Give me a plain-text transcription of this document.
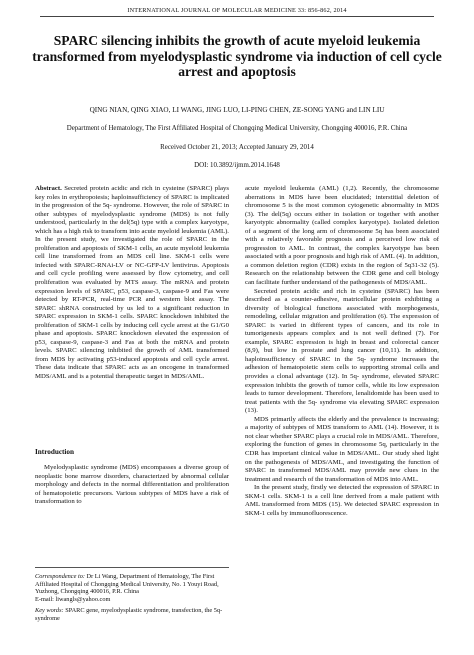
INTERNATIONAL JOURNAL OF MOLECULAR MEDICINE 33: 856-862, 2014
SPARC silencing inhibits the growth of acute myeloid leukemia transformed from myelodysplastic syndrome via induction of cell cycle arrest and apoptosis
QING NIAN, QING XIAO, LI WANG, JING LUO, LI-PING CHEN, ZE-SONG YANG and LIN LIU
Department of Hematology, The First Affiliated Hospital of Chongqing Medical University, Chongqing 400016, P.R. China
Received October 21, 2013; Accepted January 29, 2014
DOI: 10.3892/ijmm.2014.1648

Abstract. Secreted protein acidic and rich in cysteine (SPARC) plays key roles in erythropoiesis; haploinsufficiency of SPARC is implicated in the progression of the 5q- syndrome. However, the role of SPARC in other subtypes of myelodysplastic syndrome (MDS) is not fully understood, particularly in the del(5q) type with a complex karyotype, which has a high risk to transform into acute myeloid leukemia (AML). In the present study, we investigated the role of SPARC in the proliferation and apoptosis of SKM-1 cells, an acute myeloid leukemia cell line transformed from an MDS cell line. SKM-1 cells were infected with SPARC-RNAi-LV or NC-GFP-LV lentivirus. Apoptosis and cell cycle profiling were assessed by flow cytometry, and cell proliferation was evaluated by MTS assay. The mRNA and protein expression levels of SPARC, p53, caspase-3, caspase-9 and Fas were detected by RT-PCR, real-time PCR and western blot assay. The SPARC shRNA constructed by us led to a significant reduction in SPARC expression in SKM-1 cells. SPARC knockdown inhibited the proliferation of SKM-1 cells by inducing cell cycle arrest at the G1/G0 phase and apoptosis. SPARC knockdown elevated the expression of p53, caspase-9, caspase-3 and Fas at both the mRNA and protein levels. SPARC silencing inhibited the growth of AML transformed from MDS by activating p53-induced apoptosis and cell cycle arrest. These data indicate that SPARC acts as an oncogene in transformed MDS/AML and is a potential therapeutic target in MDS/AML.

Introduction

Myelodysplastic syndrome (MDS) encompasses a diverse group of neoplastic bone marrow disorders, characterized by abnormal cellular morphology and defects in the normal differentiation and proliferation of hematopoietic precursors. Various subtypes of MDS have a risk of transformation to

acute myeloid leukemia (AML) (1,2). Recently, the chromosome aberrations in MDS have been elucidated; interstitial deletion of chromosome 5 is the most common cytogenetic abnormality in MDS (3). The del(5q) occurs either in isolation or together with another karyotypic abnormality (called complex karyotype). Isolated deletion of a segment of the long arm of chromosome 5q has been associated with a relatively favorable prognosis and a perceived low risk of progression to AML. In contrast, the complex karyotype has been associated with a poor prognosis and high risk of AML (4). In addition, a common deletion region (CDR) exists in the region of 5q31-32 (5). Research on the relationship between the CDR gene and cell biology can facilitate further understand of the pathogenesis of MDS/AML.

Secreted protein acidic and rich in cysteine (SPARC) has been described as a counter-adhesive, matricellular protein exhibiting a diversity of biological functions associated with morphogenesis, remodeling, cellular migration and proliferation (6). The expression of SPARC is varied in different types of cancers, and its role in tumorigenesis appears complex and is not well defined (7). For example, SPARC expression is high in breast and colorectal cancer (8,9), but low in prostate and lung cancer (10,11). In addition, haploinsufficiency of SPARC in the 5q- syndrome increases the adhesion of hematopoietic stem cells to supporting stromal cells and provides a clonal advantage (12). In 5q- syndrome, elevated SPARC expression inhibits the growth of tumor cells, while its low expression leads to tumor development. Therefore, lenalidomide has been used to treat patients with the 5q- syndrome via elevating SPARC expression (13).

MDS primarily affects the elderly and the prevalence is increasing; a majority of subtypes of MDS transform to AML (14). However, it is not clear whether SPARC plays a crucial role in MDS/AML. Therefore, exploring the function of genes in chromosome 5q, particularly in the CDR has important clinical value in MDS/AML. Our study shed light on the pathogenesis of MDS/AML, and investigating the function of SPARC in transformed MDS/AML may provide new clues in the treatment and research of the transformation of MDS into AML.

In the present study, firstly we detected the expression of SPARC in SKM-1 cells. SKM-1 is a cell line derived from a male patient with AML transformed from MDS (15). We detected SPARC expression in SKM-1 cells by immunofluorescence.

Correspondence to: Dr Li Wang, Department of Hematology, The First Affiliated Hospital of Chongqing Medical University, No. 1 Youyi Road, Yuzhong, Chongqing 400016, P.R. China
E-mail: liwangls@yahoo.com

Key words: SPARC gene, myelodysplastic syndrome, transfection, the 5q- syndrome
